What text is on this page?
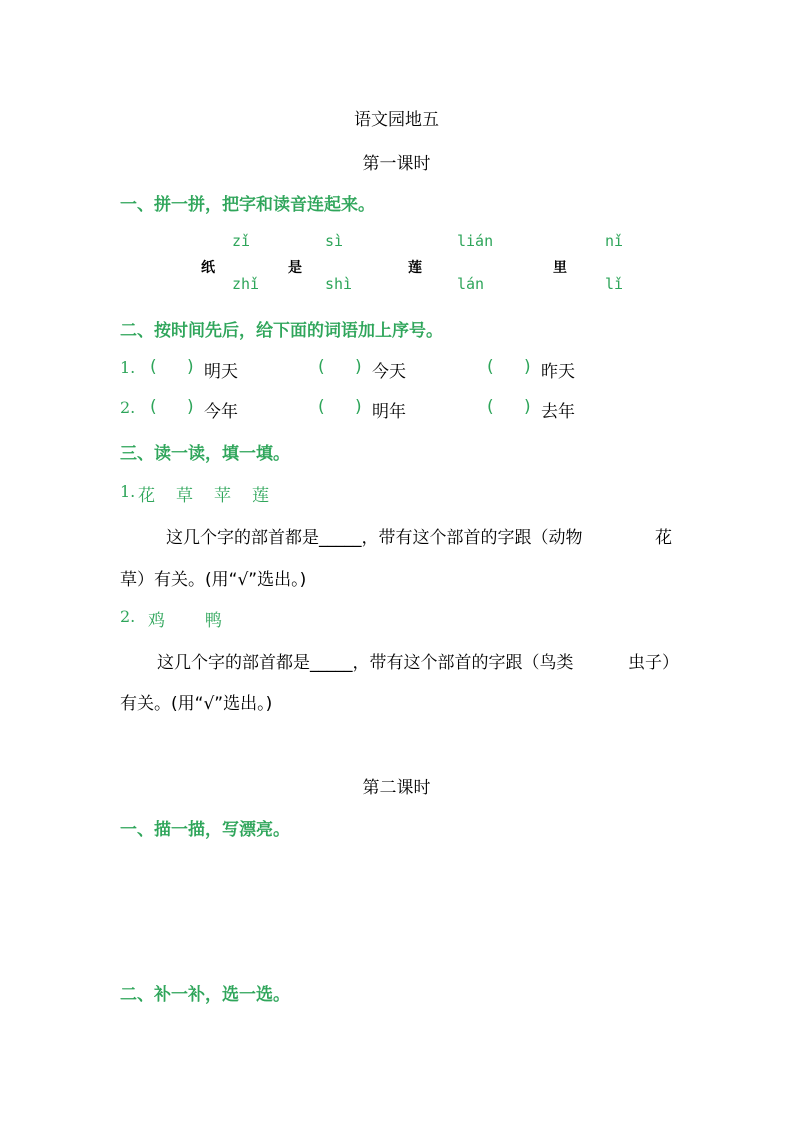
语文园地五
第一课时
一、拼一拼，把字和读音连起来。
zǐ	sì	lián	nǐ
纸	是	莲	里
zhǐ	shì	lán	lǐ
二、按时间先后，给下面的词语加上序号。
1. ( ) 明天	( ) 今天	( ) 昨天
2. ( ) 今年	( ) 明年	( ) 去年
三、读一读，填一填。
1. 花 草 苹 莲
这几个字的部首都是_____，带有这个部首的字跟（动物	花
草）有关。(用“√”选出。)
2. 鸡 鸭
这几个字的部首都是_____，带有这个部首的字跟（鸟类	虫子）
有关。(用“√”选出。)
第二课时
一、描一描，写漂亮。
二、补一补，选一选。
